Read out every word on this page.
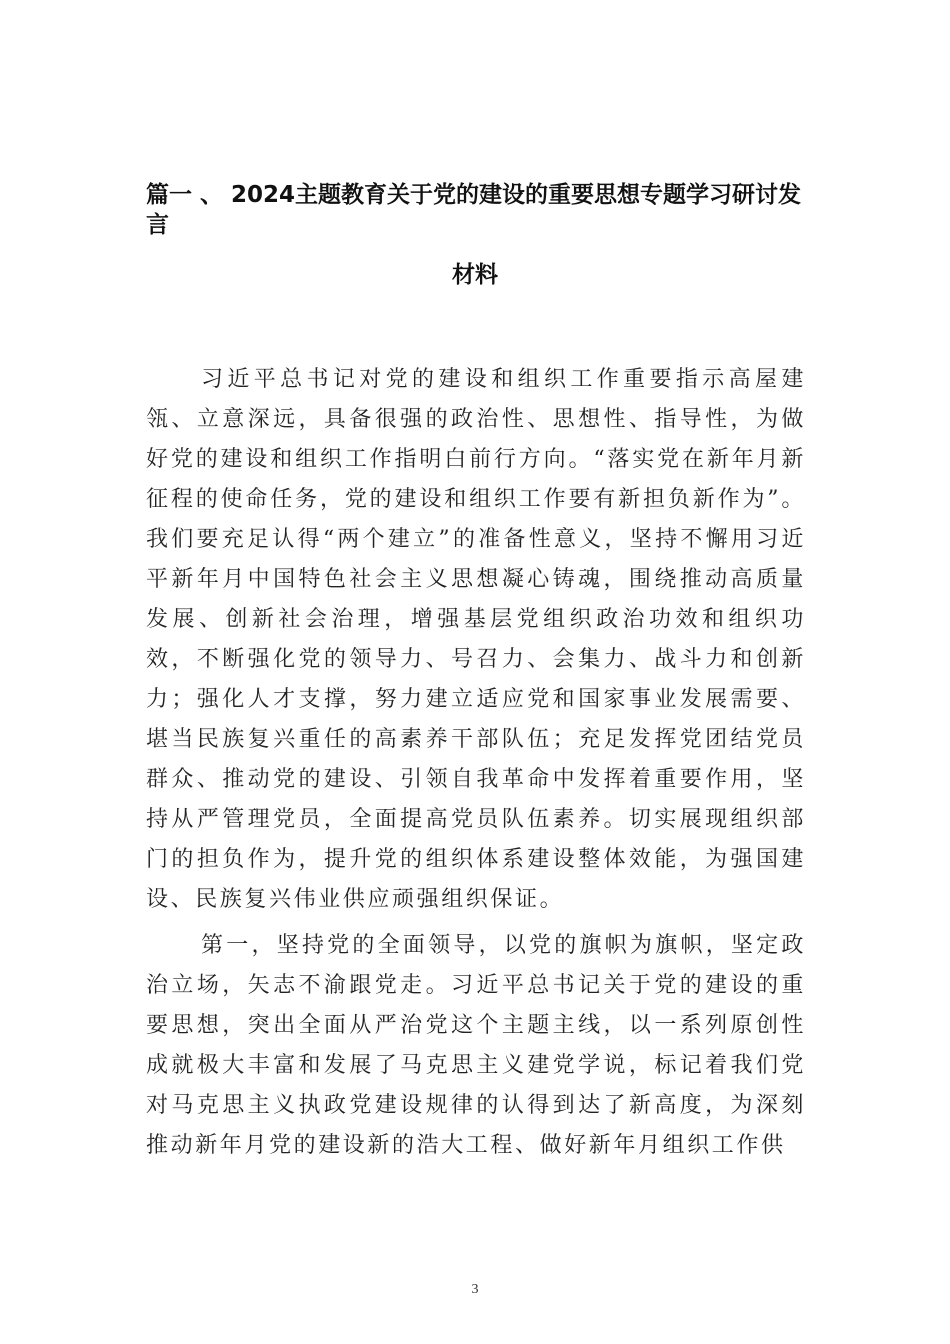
篇一 、 2024主题教育关于党的建设的重要思想专题学习研讨发言
材料

习近平总书记对党的建设和组织工作重要指示高屋建瓴、立意深远，具备很强的政治性、思想性、指导性，为做好党的建设和组织工作指明白前行方向。“落实党在新年月新征程的使命任务，党的建设和组织工作要有新担负新作为”。我们要充足认得“两个建立”的准备性意义，坚持不懈用习近平新年月中国特色社会主义思想凝心铸魂，围绕推动高质量发展、创新社会治理，增强基层党组织政治功效和组织功效，不断强化党的领导力、号召力、会集力、战斗力和创新力；强化人才支撑，努力建立适应党和国家事业发展需要、堪当民族复兴重任的高素养干部队伍；充足发挥党团结党员群众、推动党的建设、引领自我革命中发挥着重要作用，坚持从严管理党员，全面提高党员队伍素养。切实展现组织部门的担负作为，提升党的组织体系建设整体效能，为强国建设、民族复兴伟业供应顽强组织保证。

第一，坚持党的全面领导，以党的旗帜为旗帜，坚定政治立场，矢志不渝跟党走。习近平总书记关于党的建设的重要思想，突出全面从严治党这个主题主线，以一系列原创性成就极大丰富和发展了马克思主义建党学说，标记着我们党对马克思主义执政党建设规律的认得到达了新高度，为深刻推动新年月党的建设新的浩大工程、做好新年月组织工作供

3
